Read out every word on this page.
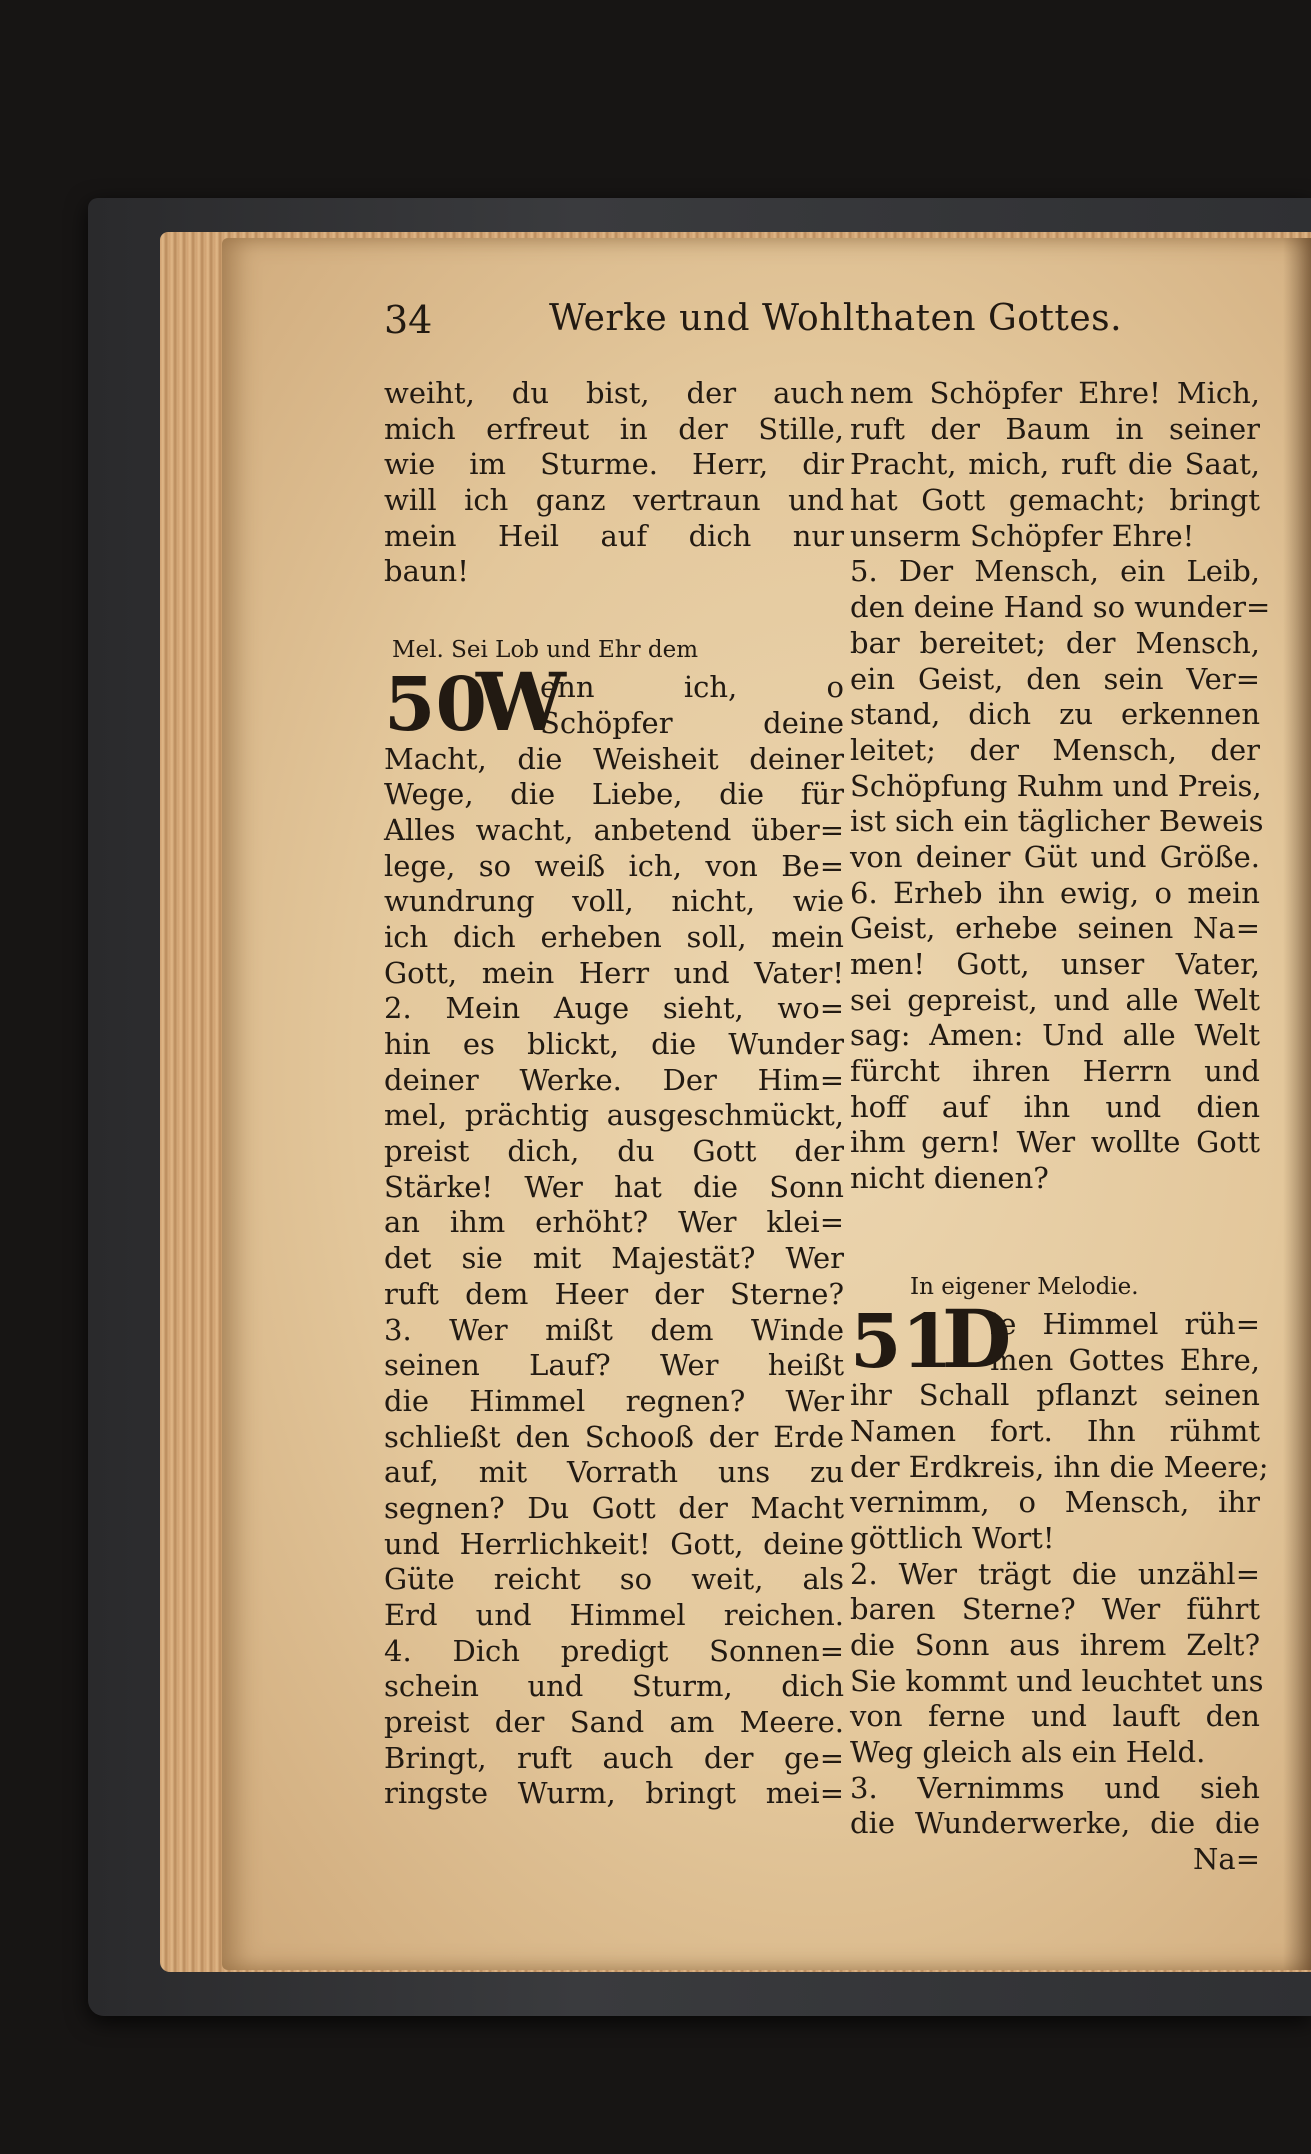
34	Werke und Wohlthaten Gottes.
weiht, du bist, der auch
mich erfreut in der Stille,
wie im Sturme. Herr, dir
will ich ganz vertraun und
mein Heil auf dich nur
baun!
Mel. Sei Lob und Ehr dem
50
W
enn ich, o
Schöpfer deine
Macht, die Weisheit deiner
Wege, die Liebe, die für
Alles wacht, anbetend über=
lege, so weiß ich, von Be=
wundrung voll, nicht, wie
ich dich erheben soll, mein
Gott, mein Herr und Vater!
2. Mein Auge sieht, wo=
hin es blickt, die Wunder
deiner Werke. Der Him=
mel, prächtig ausgeschmückt,
preist dich, du Gott der
Stärke! Wer hat die Sonn
an ihm erhöht? Wer klei=
det sie mit Majestät? Wer
ruft dem Heer der Sterne?
3. Wer mißt dem Winde
seinen Lauf? Wer heißt
die Himmel regnen? Wer
schließt den Schooß der Erde
auf, mit Vorrath uns zu
segnen? Du Gott der Macht
und Herrlichkeit! Gott, deine
Güte reicht so weit, als
Erd und Himmel reichen.
4. Dich predigt Sonnen=
schein und Sturm, dich
preist der Sand am Meere.
Bringt, ruft auch der ge=
ringste Wurm, bringt mei=
nem Schöpfer Ehre! Mich,
ruft der Baum in seiner
Pracht, mich, ruft die Saat,
hat Gott gemacht; bringt
unserm Schöpfer Ehre!
5. Der Mensch, ein Leib,
den deine Hand so wunder=
bar bereitet; der Mensch,
ein Geist, den sein Ver=
stand, dich zu erkennen
leitet; der Mensch, der
Schöpfung Ruhm und Preis,
ist sich ein täglicher Beweis
von deiner Güt und Größe.
6. Erheb ihn ewig, o mein
Geist, erhebe seinen Na=
men! Gott, unser Vater,
sei gepreist, und alle Welt
sag: Amen: Und alle Welt
fürcht ihren Herrn und
hoff auf ihn und dien
ihm gern! Wer wollte Gott
nicht dienen?
In eigener Melodie.
51
D
ie Himmel rüh=
men Gottes Ehre,
ihr Schall pflanzt seinen
Namen fort. Ihn rühmt
der Erdkreis, ihn die Meere;
vernimm, o Mensch, ihr
göttlich Wort!
2. Wer trägt die unzähl=
baren Sterne? Wer führt
die Sonn aus ihrem Zelt?
Sie kommt und leuchtet uns
von ferne und lauft den
Weg gleich als ein Held.
3. Vernimms und sieh
die Wunderwerke, die die
Na=
